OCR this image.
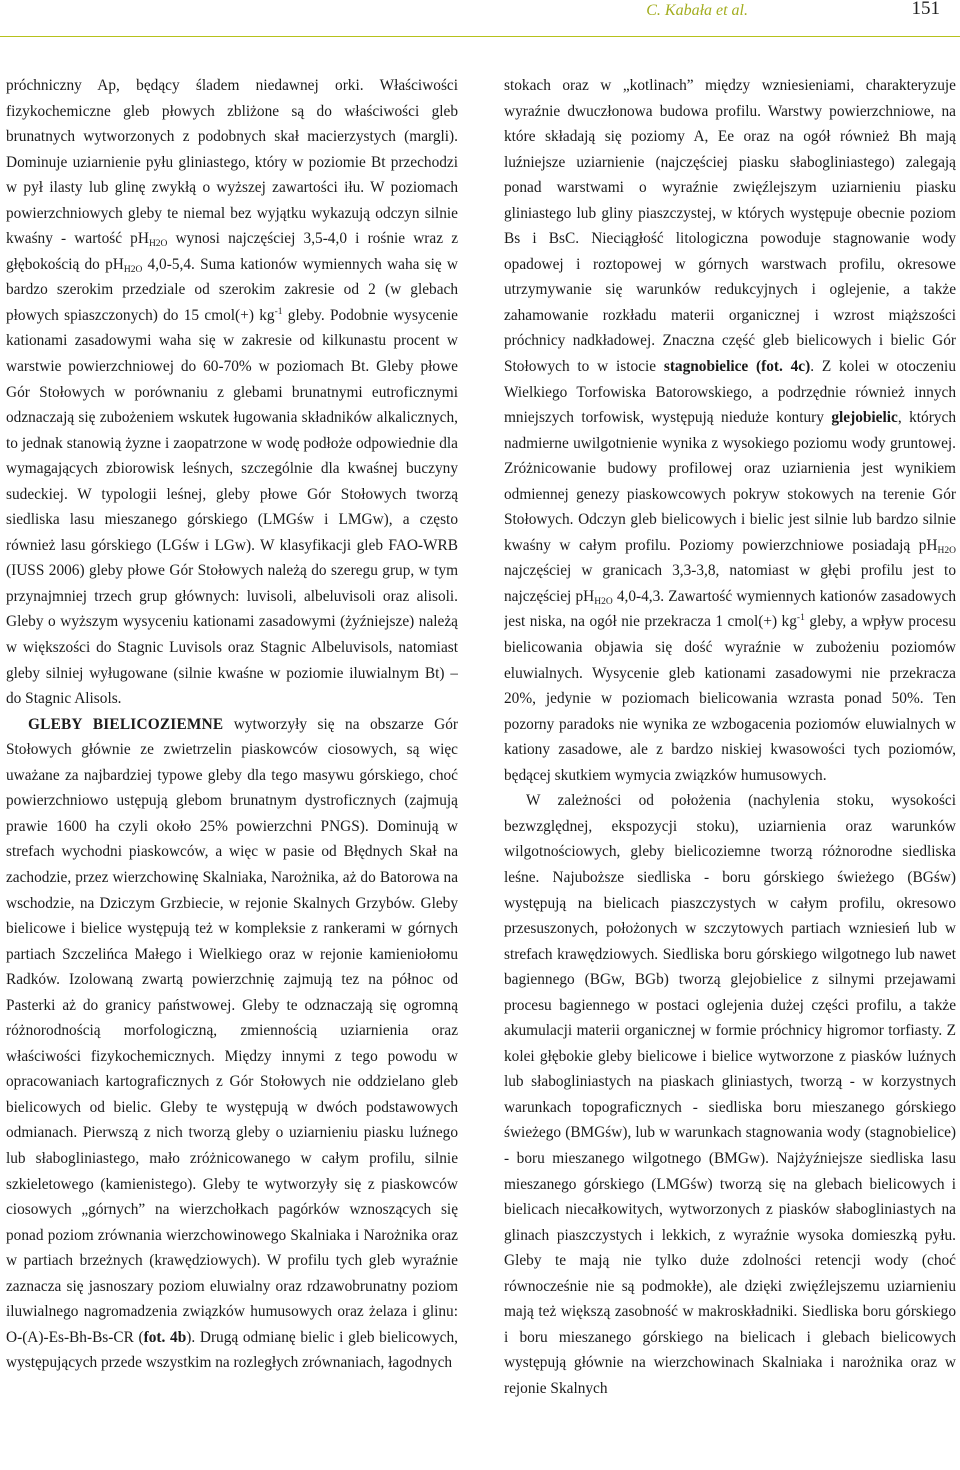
C. Kabała et al.	151

próchniczny Ap, będący śladem niedawnej orki. Właściwości fizykochemiczne gleb płowych zbliżone są do właściwości gleb brunatnych wytworzonych z podobnych skał macierzystych (margli). Dominuje uziarnienie pyłu gliniastego, który w poziomie Bt przechodzi w pył ilasty lub glinę zwykłą o wyższej zawartości iłu. W poziomach powierzchniowych gleby te niemal bez wyjątku wykazują odczyn silnie kwaśny - wartość $pH_{H2O}$ wynosi najczęściej 3,5-4,0 i rośnie wraz z głębokością do $pH_{H2O}$ 4,0-5,4. Suma kationów wymiennych waha się w bardzo szerokim przedziale od szerokim zakresie od 2 (w glebach płowych spiaszczonych) do 15 cmol(+) $kg^{-1}$ gleby. Podobnie wysycenie kationami zasadowymi waha się w zakresie od kilkunastu procent w warstwie powierzchniowej do 60-70% w poziomach Bt. Gleby płowe Gór Stołowych w porównaniu z glebami brunatnymi eutroficznymi odznaczają się zubożeniem wskutek ługowania składników alkalicznych, to jednak stanowią żyzne i zaopatrzone w wodę podłoże odpowiednie dla wymagających zbiorowisk leśnych, szczególnie dla kwaśnej buczyny sudeckiej. W typologii leśnej, gleby płowe Gór Stołowych tworzą siedliska lasu mieszanego górskiego (LMGśw i LMGw), a często również lasu górskiego (LGśw i LGw). W klasyfikacji gleb FAO-WRB (IUSS 2006) gleby płowe Gór Stołowych należą do szeregu grup, w tym przynajmniej trzech grup głównych: luvisoli, albeluvisoli oraz alisoli. Gleby o wyższym wysyceniu kationami zasadowymi (żyźniejsze) należą w większości do Stagnic Luvisols oraz Stagnic Albeluvisols, natomiast gleby silniej wyługowane (silnie kwaśne w poziomie iluwialnym Bt) – do Stagnic Alisols.

GLEBY BIELICOZIEMNE wytworzyły się na obszarze Gór Stołowych głównie ze zwietrzelin piaskowców ciosowych, są więc uważane za najbardziej typowe gleby dla tego masywu górskiego, choć powierzchniowo ustępują glebom brunatnym dystroficznych (zajmują prawie 1600 ha czyli około 25% powierzchni PNGS). Dominują w strefach wychodni piaskowców, a więc w pasie od Błędnych Skał na zachodzie, przez wierzchowinę Skalniaka, Narożnika, aż do Batorowa na wschodzie, na Dziczym Grzbiecie, w rejonie Skalnych Grzybów. Gleby bielicowe i bielice występują też w kompleksie z rankerami w górnych partiach Szczelińca Małego i Wielkiego oraz w rejonie kamieniołomu Radków. Izolowaną zwartą powierzchnię zajmują tez na północ od Pasterki aż do granicy państwowej. Gleby te odznaczają się ogromną różnorodnością morfologiczną, zmiennością uziarnienia oraz właściwości fizykochemicznych. Między innymi z tego powodu w opracowaniach kartograficznych z Gór Stołowych nie oddzielano gleb bielicowych od bielic. Gleby te występują w dwóch podstawowych odmianach. Pierwszą z nich tworzą gleby o uziarnieniu piasku luźnego lub słabogliniastego, mało zróżnicowanego w całym profilu, silnie szkieletowego (kamienistego). Gleby te wytworzyły się z piaskowców ciosowych „górnych” na wierzchołkach pagórków wznoszących się ponad poziom zrównania wierzchowinowego Skalniaka i Narożnika oraz w partiach brzeżnych (krawędziowych). W profilu tych gleb wyraźnie zaznacza się jasnoszary poziom eluwialny oraz rdzawobrunatny poziom iluwialnego nagromadzenia związków humusowych oraz żelaza i glinu: O-(A)-Es-Bh-Bs-CR (fot. 4b). Drugą odmianę bielic i gleb bielicowych, występujących przede wszystkim na rozległych zrównaniach, łagodnych

stokach oraz w „kotlinach” między wzniesieniami, charakteryzuje wyraźnie dwuczłonowa budowa profilu. Warstwy powierzchniowe, na które składają się poziomy A, Ee oraz na ogół również Bh mają luźniejsze uziarnienie (najczęściej piasku słabogliniastego) zalegają ponad warstwami o wyraźnie zwięźlejszym uziarnieniu piasku gliniastego lub gliny piaszczystej, w których występuje obecnie poziom Bs i BsC. Nieciągłość litologiczna powoduje stagnowanie wody opadowej i roztopowej w górnych warstwach profilu, okresowe utrzymywanie się warunków redukcyjnych i oglejenie, a także zahamowanie rozkładu materii organicznej i wzrost miąższości próchnicy nadkładowej. Znaczna część gleb bielicowych i bielic Gór Stołowych to w istocie stagnobielice (fot. 4c). Z kolei w otoczeniu Wielkiego Torfowiska Batorowskiego, a podrzędnie również innych mniejszych torfowisk, występują nieduże kontury glejobielic, których nadmierne uwilgotnienie wynika z wysokiego poziomu wody gruntowej. Zróżnicowanie budowy profilowej oraz uziarnienia jest wynikiem odmiennej genezy piaskowcowych pokryw stokowych na terenie Gór Stołowych. Odczyn gleb bielicowych i bielic jest silnie lub bardzo silnie kwaśny w całym profilu. Poziomy powierzchniowe posiadają $pH_{H2O}$ najczęściej w granicach 3,3-3,8, natomiast w głębi profilu jest to najczęściej $pH_{H2O}$ 4,0-4,3. Zawartość wymiennych kationów zasadowych jest niska, na ogół nie przekracza 1 cmol(+) $kg^{-1}$ gleby, a wpływ procesu bielicowania objawia się dość wyraźnie w zubożeniu poziomów eluwialnych. Wysycenie gleb kationami zasadowymi nie przekracza 20%, jedynie w poziomach bielicowania wzrasta ponad 50%. Ten pozorny paradoks nie wynika ze wzbogacenia poziomów eluwialnych w kationy zasadowe, ale z bardzo niskiej kwasowości tych poziomów, będącej skutkiem wymycia związków humusowych.

W zależności od położenia (nachylenia stoku, wysokości bezwzględnej, ekspozycji stoku), uziarnienia oraz warunków wilgotnościowych, gleby bielicoziemne tworzą różnorodne siedliska leśne. Najuboższe siedliska - boru górskiego świeżego (BGśw) występują na bielicach piaszczystych w całym profilu, okresowo przesuszonych, położonych w szczytowych partiach wzniesień lub w strefach krawędziowych. Siedliska boru górskiego wilgotnego lub nawet bagiennego (BGw, BGb) tworzą glejobielice z silnymi przejawami procesu bagiennego w postaci oglejenia dużej części profilu, a także akumulacji materii organicznej w formie próchnicy higromor torfiasty. Z kolei głębokie gleby bielicowe i bielice wytworzone z piasków luźnych lub słabogliniastych na piaskach gliniastych, tworzą - w korzystnych warunkach topograficznych - siedliska boru mieszanego górskiego świeżego (BMGśw), lub w warunkach stagnowania wody (stagnobielice) - boru mieszanego wilgotnego (BMGw). Najżyźniejsze siedliska lasu mieszanego górskiego (LMGśw) tworzą się na glebach bielicowych i bielicach niecałkowitych, wytworzonych z piasków słabogliniastych na glinach piaszczystych i lekkich, z wyraźnie wysoka domieszką pyłu. Gleby te mają nie tylko duże zdolności retencji wody (choć równocześnie nie są podmokłe), ale dzięki zwięźlejszemu uziarnieniu mają też większą zasobność w makroskładniki. Siedliska boru górskiego i boru mieszanego górskiego na bielicach i glebach bielicowych występują głównie na wierzchowinach Skalniaka i narożnika oraz w rejonie Skalnych
